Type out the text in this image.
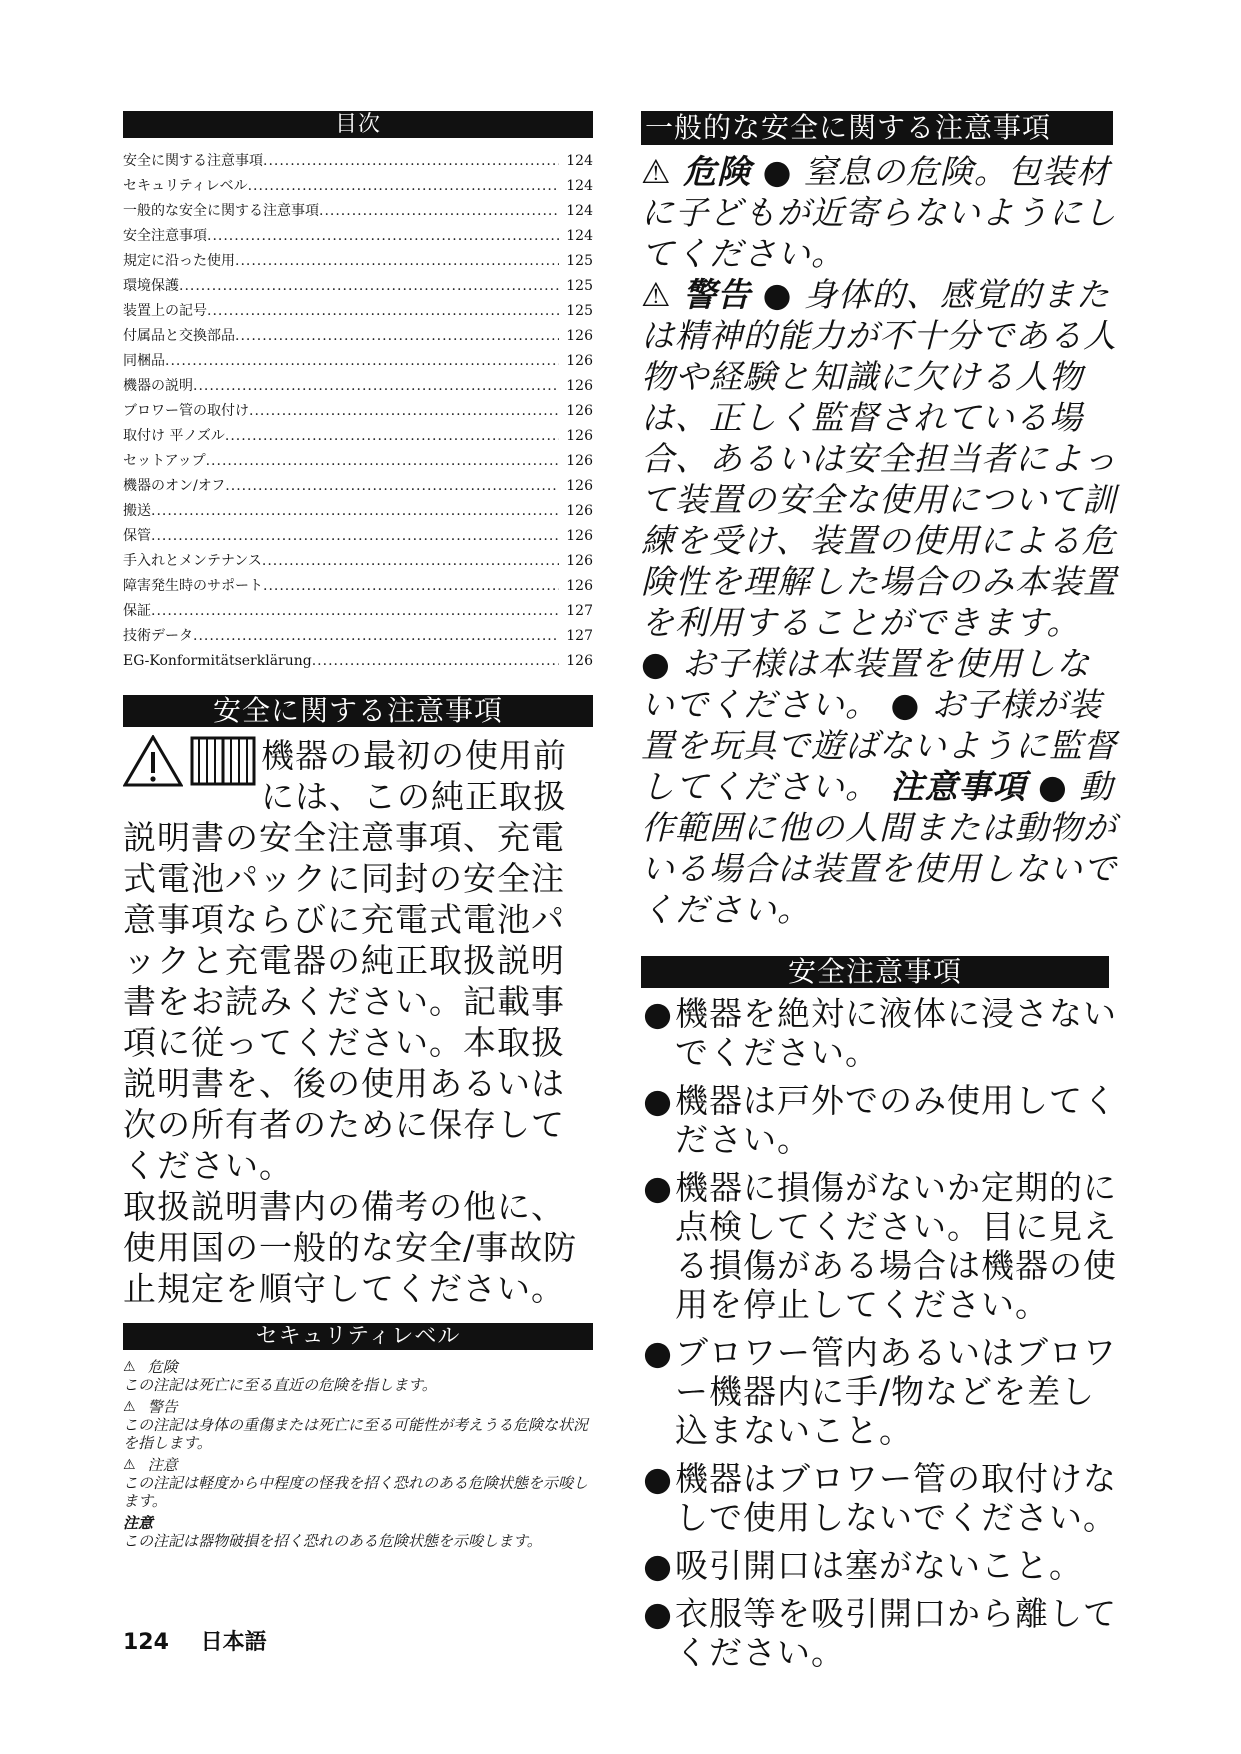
目次
安全に関する注意事項 .....	124
セキュリティレベル .....	124
一般的な安全に関する注意事項 .....	124
安全注意事項 .....	124
規定に沿った使用 .....	125
環境保護 .....	125
装置上の記号 .....	125
付属品と交換部品 .....	126
同梱品 .....	126
機器の説明 .....	126
ブロワー管の取付け .....	126
取付け 平ノズル .....	126
セットアップ .....	126
機器のオン/オフ .....	126
搬送 .....	126
保管 .....	126
手入れとメンテナンス .....	126
障害発生時のサポート .....	126
保証 .....	127
技術データ .....	127
EG-Konformitätserklärung .....	126
安全に関する注意事項
機器の最初の使用前には、この純正取扱説明書の安全注意事項、充電式電池パックに同封の安全注意事項ならびに充電式電池パックと充電器の純正取扱説明書をお読みください。記載事項に従ってください。本取扱説明書を、後の使用あるいは次の所有者のために保存してください。
取扱説明書内の備考の他に、使用国の一般的な安全/事故防止規定を順守してください。
セキュリティレベル
⚠ 危険
この注記は死亡に至る直近の危険を指します。
⚠ 警告
この注記は身体の重傷または死亡に至る可能性が考えうる危険な状況を指します。
⚠ 注意
この注記は軽度から中程度の怪我を招く恐れのある危険状態を示唆します。
注意
この注記は器物破損を招く恐れのある危険状態を示唆します。
一般的な安全に関する注意事項
⚠ 危険 ● 窒息の危険。包装材に子どもが近寄らないようにしてください。
⚠ 警告 ● 身体的、感覚的または精神的能力が不十分である人物や経験と知識に欠ける人物は、正しく監督されている場合、あるいは安全担当者によって装置の安全な使用について訓練を受け、装置の使用による危険性を理解した場合のみ本装置を利用することができます。 ● お子様は本装置を使用しないでください。 ● お子様が装置を玩具で遊ばないように監督してください。 注意事項 ● 動作範囲に他の人間または動物がいる場合は装置を使用しないでください。
安全注意事項
● 機器を絶対に液体に浸さないでください。
● 機器は戸外でのみ使用してください。
● 機器に損傷がないか定期的に点検してください。目に見える損傷がある場合は機器の使用を停止してください。
● ブロワー管内あるいはブロワー機器内に手/物などを差し込まないこと。
● 機器はブロワー管の取付けなしで使用しないでください。
● 吸引開口は塞がないこと。
● 衣服等を吸引開口から離してください。
124 日本語
